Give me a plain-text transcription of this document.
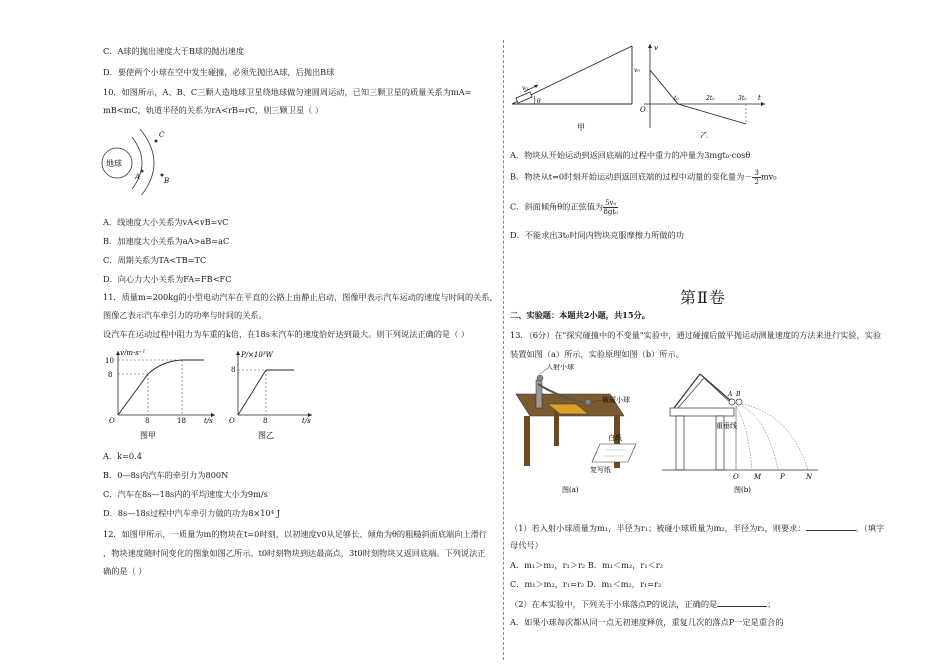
C．A球的抛出速度大于B球的抛出速度
D．要使两个小球在空中发生碰撞，必须先抛出A球，后抛出B球
10．如图所示，A、B、C三颗人造地球卫星绕地球做匀速圆周运动，已知三颗卫星的质量关系为mA=
mB<mC，轨道半径的关系为rA<rB=rC，则三颗卫星（ ）
地球
A	B
C
A．线速度大小关系为vA<vB=vC
B．加速度大小关系为aA>aB=aC
C．周期关系为TA<TB=TC
D．向心力大小关系为FA=FB<FC
11．质量m=200kg的小型电动汽车在平直的公路上由静止启动，图像甲表示汽车运动的速度与时间的关系，
图像乙表示汽车牵引力的功率与时间的关系。
设汽车在运动过程中阻力为车重的k倍，在18s末汽车的速度恰好达到最大。则下列说法正确的是（ ）
v/m·s⁻¹
10
8
O	8	18	t/s
图甲
P/×10³W
8
O	8	t/s
图乙
A．k=0.4
B．0—8s内汽车的牵引力为800N
C．汽车在8s—18s内的平均速度大小为9m/s
D．8s—18s过程中汽车牵引力做的功为8×10⁴ J
12．如图甲所示，一质量为m的物块在t=0时刻，以初速度v0从足够长、倾角为θ的粗糙斜面底端向上滑行
，物块速度随时间变化的图象如图乙所示。t0时刻物块到达最高点，3t0时刻物块又返回底端。下列说法正
确的是（ ）
v₀
θ
甲
v
v₀
O
t₀	2t₀	3t₀ t
乙
A．物块从开始运动到返回底端的过程中重力的冲量为3mgt₀·cosθ
B．物块从t=0时刻开始运动到返回底端的过程中动量的变化量为－ $\frac{3}{2} mv_0$
C．斜面倾角θ的正弦值为 $\frac{\text{5v₀}}{\text{8gt₀}}$
D．不能求出3t₀时间内物块克服摩擦力所做的功
第Ⅱ卷
二、实验题：本题共2小题，共15分。
13．（6分）在"探究碰撞中的不变量"实验中，通过碰撞后做平抛运动测量速度的方法来进行实验，实验
装置如图（a）所示，实验原理如图（b）所示。
入射小球
被碰小球
白纸
复写纸
图(a)
A B
重垂线
O M	P	N
图(b)
（1）若入射小球质量为m₁，半径为r₁；被碰小球质量为m₂，半径为r₂，则要求：	。（填字
母代号）
A．m₁＞m₂，r₁＞r₂ B．m₁＜m₂，r₁＜r₂
C．m₁＞m₂，r₁=r₂ D．m₁＜m₂，r₁=r₂
（2）在本实验中，下列关于小球落点P的说法，正确的是	；
A．如果小球每次都从同一点无初速度释放，重复几次的落点P一定是重合的
